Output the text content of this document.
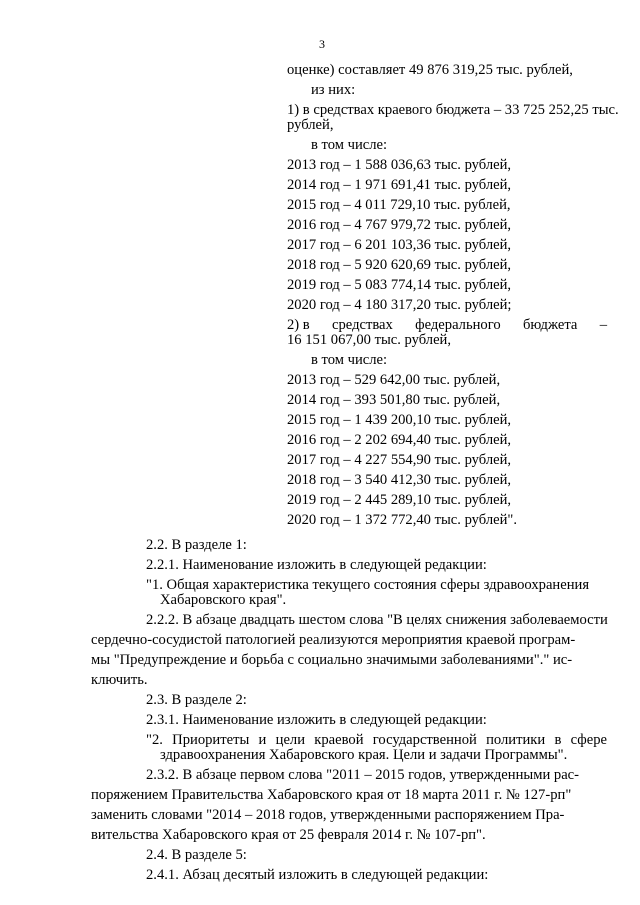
3
оценке) составляет 49 876 319,25 тыс. рублей,
из них:
1) в средствах краевого бюджета – 33 725 252,25 тыс.
рублей,
в том числе:
2013 год – 1 588 036,63 тыс. рублей,
2014 год – 1 971 691,41 тыс. рублей,
2015 год – 4 011 729,10 тыс. рублей,
2016 год – 4 767 979,72 тыс. рублей,
2017 год – 6 201 103,36 тыс. рублей,
2018 год – 5 920 620,69 тыс. рублей,
2019 год – 5 083 774,14 тыс. рублей,
2020 год – 4 180 317,20 тыс. рублей;
2) в средствах федерального бюджета –
16 151 067,00 тыс. рублей,
в том числе:
2013 год – 529 642,00 тыс. рублей,
2014 год – 393 501,80 тыс. рублей,
2015 год – 1 439 200,10 тыс. рублей,
2016 год – 2 202 694,40 тыс. рублей,
2017 год – 4 227 554,90 тыс. рублей,
2018 год – 3 540 412,30 тыс. рублей,
2019 год – 2 445 289,10 тыс. рублей,
2020 год – 1 372 772,40 тыс. рублей".
2.2. В разделе 1:
2.2.1. Наименование изложить в следующей редакции:
"1. Общая характеристика текущего состояния сферы здравоохранения
Хабаровского края".
2.2.2. В абзаце двадцать шестом слова "В целях снижения заболеваемости
сердечно-сосудистой патологией реализуются мероприятия краевой програм-
мы "Предупреждение и борьба с социально значимыми заболеваниями"." ис-
ключить.
2.3. В разделе 2:
2.3.1. Наименование изложить в следующей редакции:
"2. Приоритеты и цели краевой государственной политики в сфере
здравоохранения Хабаровского края. Цели и задачи Программы".
2.3.2. В абзаце первом слова "2011 – 2015 годов, утвержденными рас-
поряжением Правительства Хабаровского края от 18 марта 2011 г. № 127-рп"
заменить словами "2014 – 2018 годов, утвержденными распоряжением Пра-
вительства Хабаровского края от 25 февраля 2014 г. № 107-рп".
2.4. В разделе 5:
2.4.1. Абзац десятый изложить в следующей редакции:
